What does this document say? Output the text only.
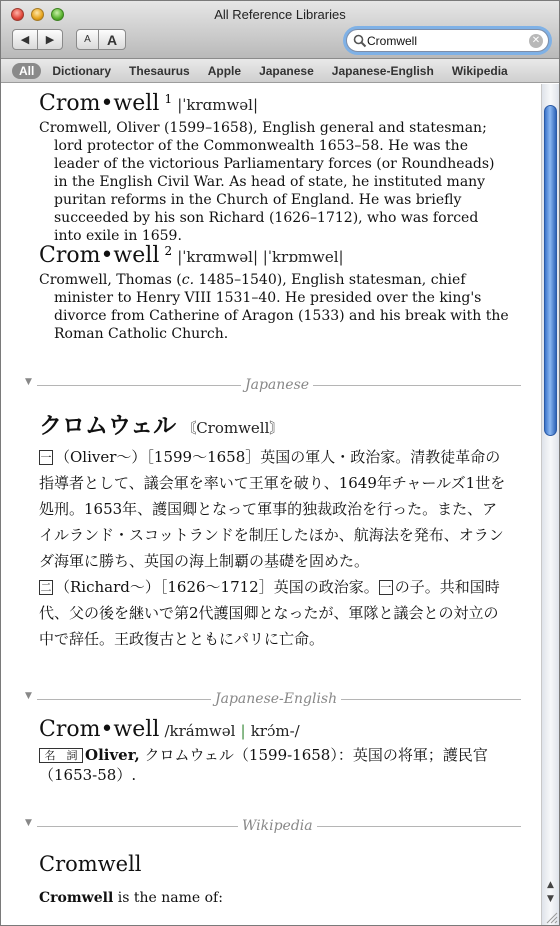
All Reference Libraries
◀ ▶	A	A
Cromwell	✕
All	Dictionary	Thesaurus	Apple	Japanese	Japanese-English	Wikipedia
Crom•well $^1$ |ˈkrɑmwəl|
Cromwell, Oliver (1599–1658), English general and statesman; lord protector of the Commonwealth 1653–58. He was the leader of the victorious Parliamentary forces (or Roundheads) in the English Civil War. As head of state, he instituted many puritan reforms in the Church of England. He was briefly succeeded by his son Richard (1626–1712), who was forced into exile in 1659.
Crom•well $^2$ |ˈkrɑmwəl| |ˈkrɒmwel|
Cromwell, Thomas (c. 1485–1540), English statesman, chief minister to Henry VIII 1531–40. He presided over the king's divorce from Catherine of Aragon (1533) and his break with the Roman Catholic Church.
▼	Japanese
クロムウェル 〘Cromwell〙
一 （Oliver〜）［1599〜1658］英国の軍人・政治家。清教徒革命の指導者として、議会軍を率いて王軍を破り、1649年チャールズ1世を処刑。1653年、護国卿となって軍事的独裁政治を行った。また、アイルランド・スコットランドを制圧したほか、航海法を発布、オランダ海軍に勝ち、英国の海上制覇の基礎を固めた。
二 （Richard〜）［1626〜1712］英国の政治家。 一 の子。共和国時代、父の後を継いで第2代護国卿となったが、軍隊と議会との対立の中で辞任。王政復古とともにパリに亡命。
▼	Japanese-English
Crom•well /krámwəl | krɔ́m-/
名　詞 Oliver, クロムウェル（1599-1658）：英国の将軍；護民官（1653-58）.
▼	Wikipedia
Cromwell
Cromwell is the name of:
▲
▼
